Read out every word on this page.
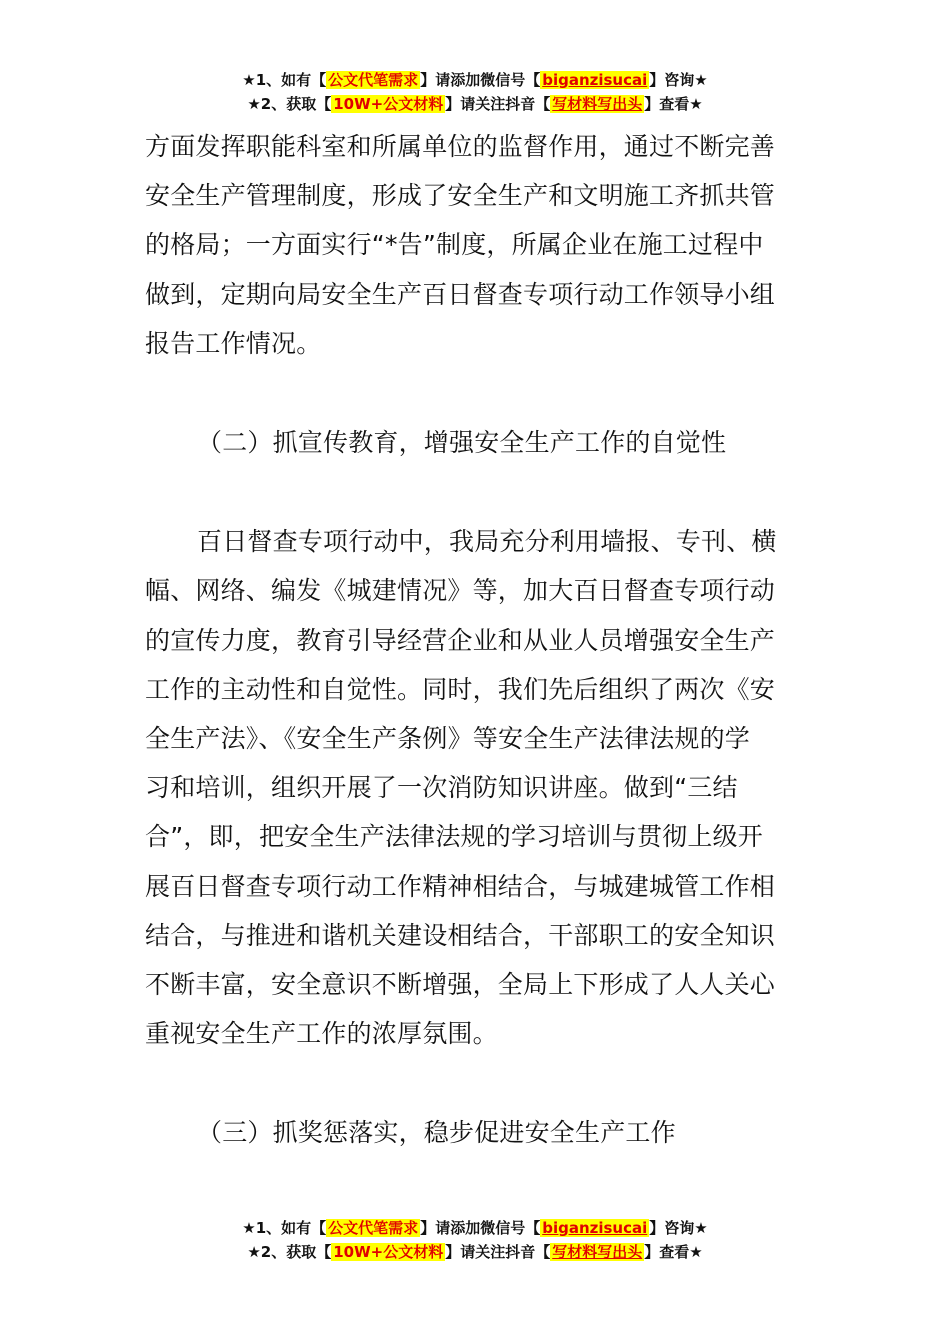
★1、如有【 公文代笔需求 】请添加微信号【 biganzisucai 】咨询★
★2、获取【 10W+公文材料 】请关注抖音【 写材料写出头 】查看★

方面发挥职能科室和所属单位的监督作用，通过不断完善

安全生产管理制度，形成了安全生产和文明施工齐抓共管

的格局；一方面实行“*告”制度，所属企业在施工过程中

做到，定期向局安全生产百日督查专项行动工作领导小组

报告工作情况。

（二）抓宣传教育，增强安全生产工作的自觉性

百日督查专项行动中，我局充分利用墙报、专刊、横

幅、网络、编发《城建情况》等，加大百日督查专项行动

的宣传力度，教育引导经营企业和从业人员增强安全生产

工作的主动性和自觉性。同时，我们先后组织了两次《安

全生产法》、《安全生产条例》等安全生产法律法规的学

习和培训，组织开展了一次消防知识讲座。做到“三结

合”，即，把安全生产法律法规的学习培训与贯彻上级开

展百日督查专项行动工作精神相结合，与城建城管工作相

结合，与推进和谐机关建设相结合，干部职工的安全知识

不断丰富，安全意识不断增强，全局上下形成了人人关心

重视安全生产工作的浓厚氛围。

（三）抓奖惩落实，稳步促进安全生产工作

★1、如有【 公文代笔需求 】请添加微信号【 biganzisucai 】咨询★
★2、获取【 10W+公文材料 】请关注抖音【 写材料写出头 】查看★
